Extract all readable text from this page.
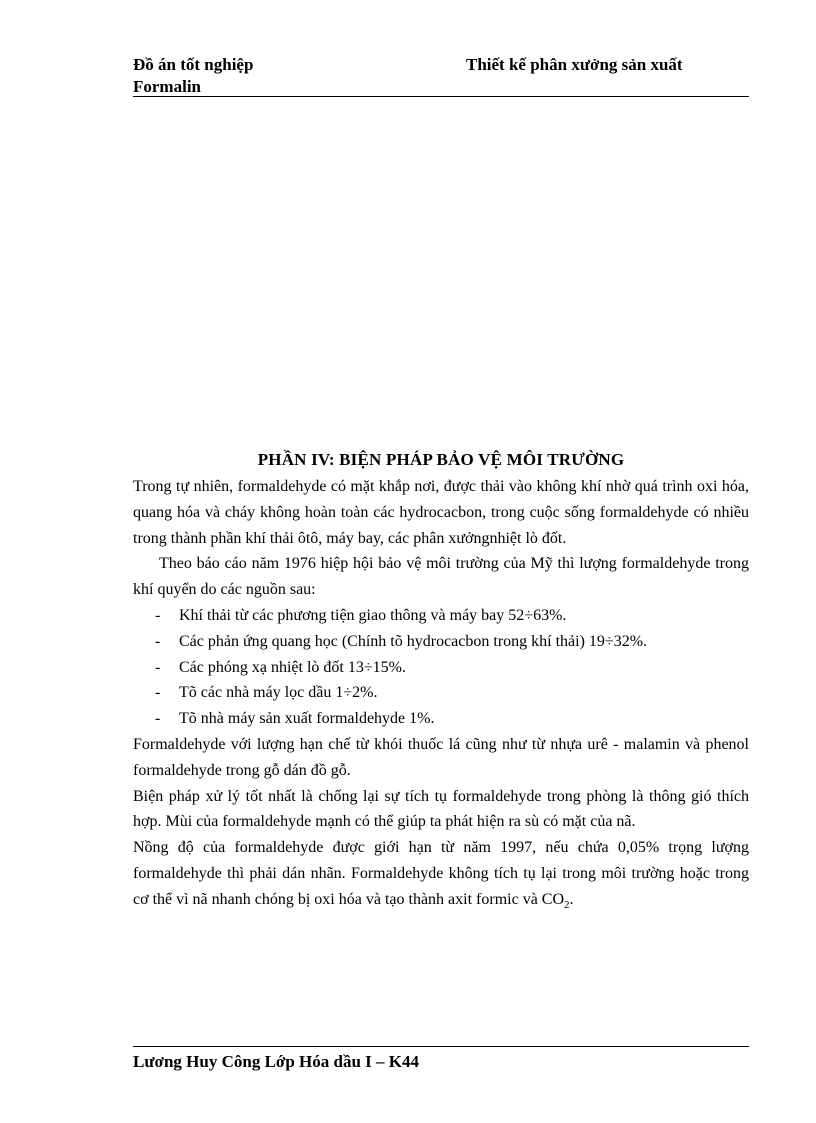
Đồ án tốt nghiệp
Formalin
Thiết kế phân xưởng sản xuất
PHẦN IV: BIỆN PHÁP BẢO VỆ MÔI TRƯỜNG

Trong tự nhiên, formaldehyde có mặt khắp nơi, được thải vào không khí nhờ quá trình oxi hóa, quang hóa và cháy không hoàn toàn các hydrocacbon, trong cuộc sống formaldehyde có nhiều trong thành phần khí thải ôtô, máy bay, các phân xưởngnhiệt lò đốt.

Theo báo cáo năm 1976 hiệp hội bảo vệ môi trường của Mỹ thì lượng formaldehyde trong khí quyển do các nguồn sau:

- Khí thải từ các phương tiện giao thông và máy bay 52÷63%.
- Các phản ứng quang học (Chính tõ hydrocacbon trong khí thải) 19÷32%.
- Các phóng xạ nhiệt lò đốt 13÷15%.
- Tõ các nhà máy lọc dầu 1÷2%.
- Tõ nhà máy sản xuất formaldehyde 1%.

Formaldehyde với lượng hạn chế từ khói thuốc lá cũng như từ nhựa urê - malamin và phenol formaldehyde trong gỗ dán đồ gỗ.

Biện pháp xử lý tốt nhất là chống lại sự tích tụ formaldehyde trong phòng là thông gió thích hợp. Mùi của formaldehyde mạnh có thể giúp ta phát hiện ra sù có mặt của nã.

Nồng độ của formaldehyde được giới hạn từ năm 1997, nếu chứa 0,05% trọng lượng formaldehyde thì phải dán nhãn. Formaldehyde không tích tụ lại trong môi trường hoặc trong cơ thể vì nã nhanh chóng bị oxi hóa và tạo thành axit formic và $CO_2$.

Lương Huy Công Lớp Hóa dầu I – K44
